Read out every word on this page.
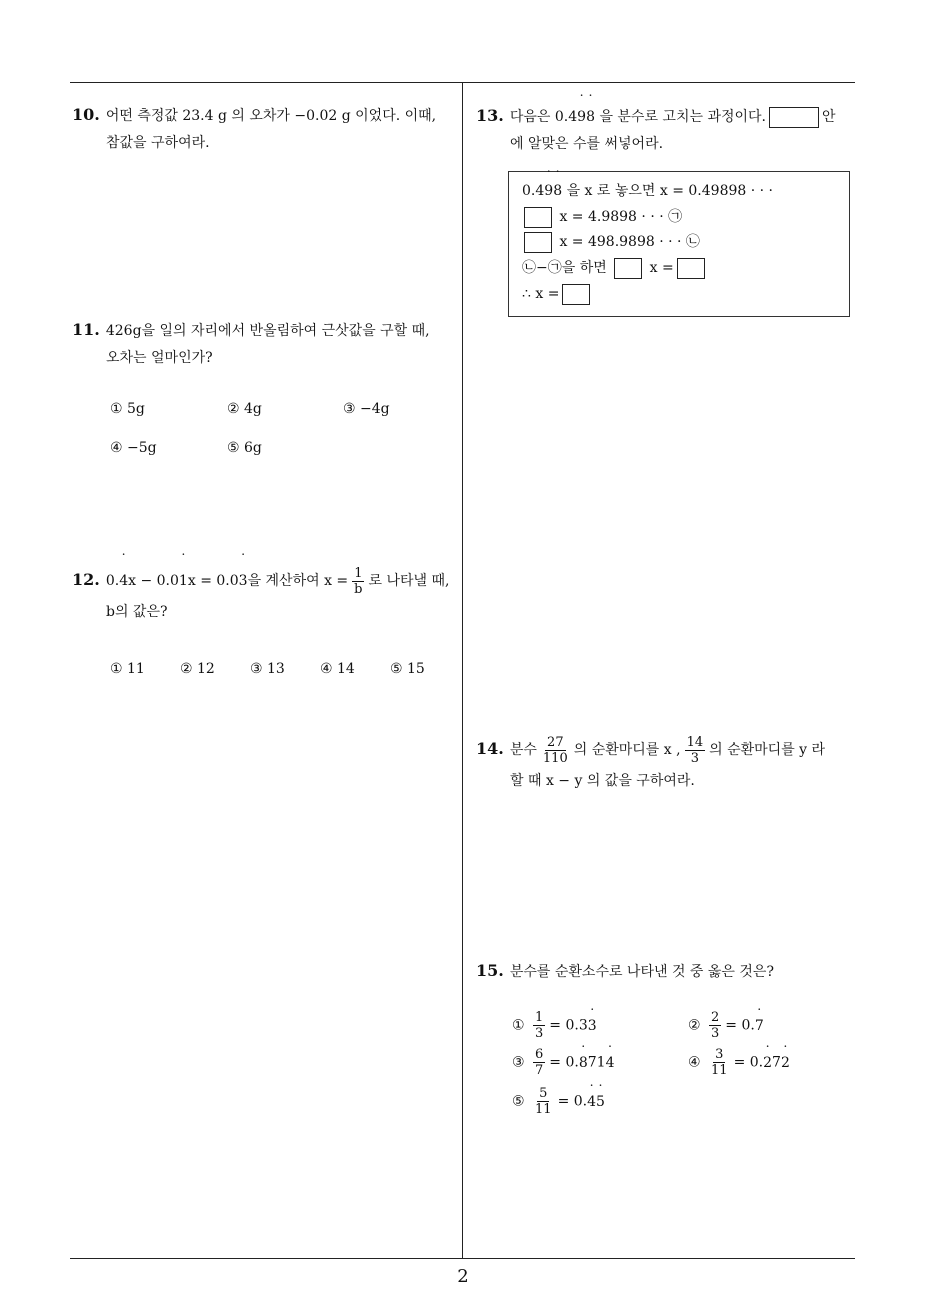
10. 어떤 측정값 23.4 g 의 오차가 −0.02 g 이었다. 이때,
참값을 구하여라.
11. 426g을 일의 자리에서 반올림하여 근삿값을 구할 때,
오차는 얼마인가?
① 5g	② 4g	③ −4g
④ −5g	⑤ 6g
12. 0.˙ 4x − 0.0˙ 1x = 0.0˙ 3을 계산하여 $x = \frac{1}{b}$ 로 나타낼 때,
b의 값은?
① 11	② 12	③ 13	④ 14	⑤ 15
13. 다음은 0.4˙ 9˙ 8 을 분수로 고치는 과정이다.	안
에 알맞은 수를 써넣어라.
0.4˙ 9˙ 8 을 x 로 놓으면 x = 0.49898 · · ·
x = 4.9898 · · · ㉠
x = 498.9898 · · · ㉡
㉡−㉠을 하면	x =
∴ x =
14. 분수 $\frac{27}{110}$ 의 순환마디를 x , $\frac{14}{3}$ 의 순환마디를 y 라
할 때 x − y 의 값을 구하여라.
15. 분수를 순환소수로 나타낸 것 중 옳은 것은?
① $\frac{1}{3}$ = 0.3˙ 3	② $\frac{2}{3}$ = 0.˙ 7
③ $\frac{6}{7}$ = 0.˙ 871˙ 4	④ $\frac{3}{11}$ = 0.˙ 27˙ 2
⑤ $\frac{5}{11}$ = 0.˙ 4˙ 5
2
